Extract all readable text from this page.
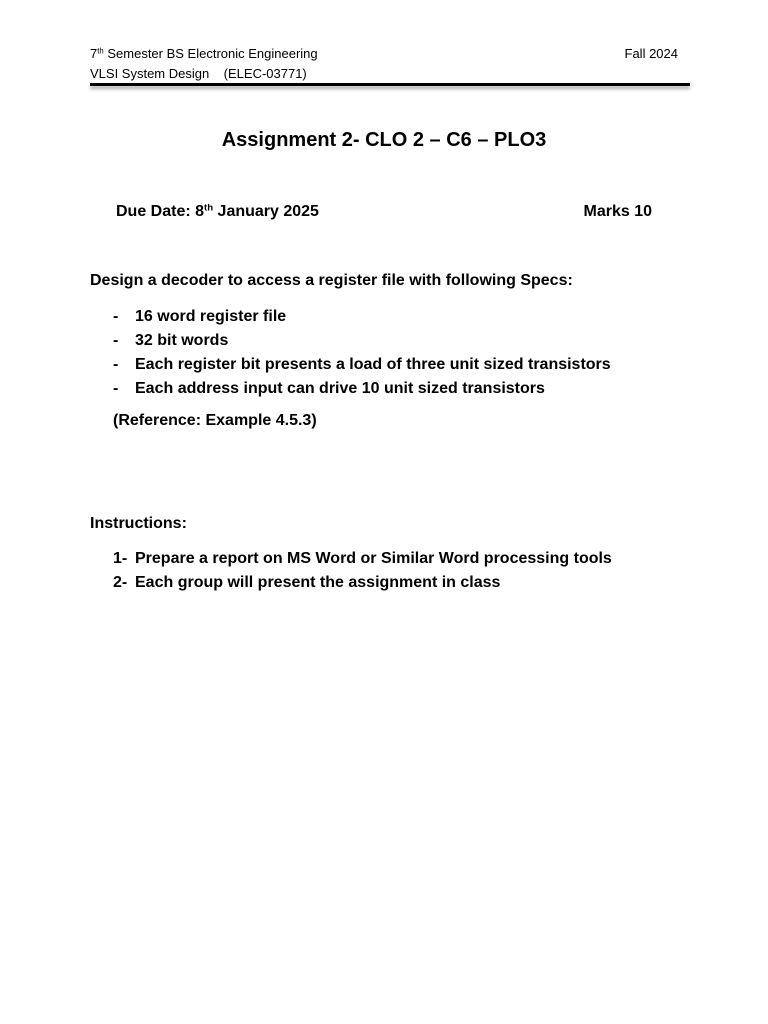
7th Semester BS Electronic Engineering	Fall 2024
VLSI System Design    (ELEC-03771)
Assignment 2- CLO 2 – C6 – PLO3
Due Date: 8th January 2025	Marks 10
Design a decoder to access a register file with following Specs:
-	16 word register file
-	32 bit words
-	Each register bit presents a load of three unit sized transistors
-	Each address input can drive 10 unit sized transistors
(Reference: Example 4.5.3)
Instructions:
1- Prepare a report on MS Word or Similar Word processing tools
2- Each group will present the assignment in class
